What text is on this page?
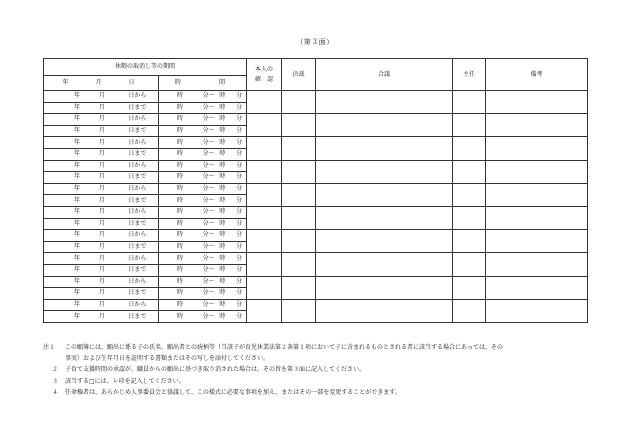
（第３面）
休暇の取消し等の期間		本人の
確　認	決裁	合議	主任	備考
年　　月　　日	時　　　間					

年 月 日から	時 分〜 時 分					

年 月 日まで	時 分〜 時 分					

年 月 日から	時 分〜 時 分					

年 月 日まで	時 分〜 時 分					

年 月 日から	時 分〜 時 分					

年 月 日まで	時 分〜 時 分					

年 月 日から	時 分〜 時 分					

年 月 日まで	時 分〜 時 分					

年 月 日から	時 分〜 時 分					

年 月 日まで	時 分〜 時 分					

年 月 日から	時 分〜 時 分					

年 月 日まで	時 分〜 時 分					

年 月 日から	時 分〜 時 分					

年 月 日まで	時 分〜 時 分					

年 月 日から	時 分〜 時 分					

年 月 日まで	時 分〜 時 分					

年 月 日から	時 分〜 時 分					

年 月 日まで	時 分〜 時 分					

年 月 日から	時 分〜 時 分					

年 月 日まで	時 分〜 時 分					
注１	この願簿には、願出に係る子の氏名、願出者との続柄等（当該子が育児休業法第２条第１項において子に含まれるものとされる者に該当する場合にあっては、その
事実）および生年月日を証明する書類またはその写しを添付してください。
２	子育て支援時間の承認が、職員からの願出に基づき取り消された場合は、その旨を第３面に記入してください。
３	該当する□には、レ印を記入してください。
４	任命権者は、あらかじめ人事委員会と協議して、この様式に必要な事項を加え、またはその一部を変更することができます。
